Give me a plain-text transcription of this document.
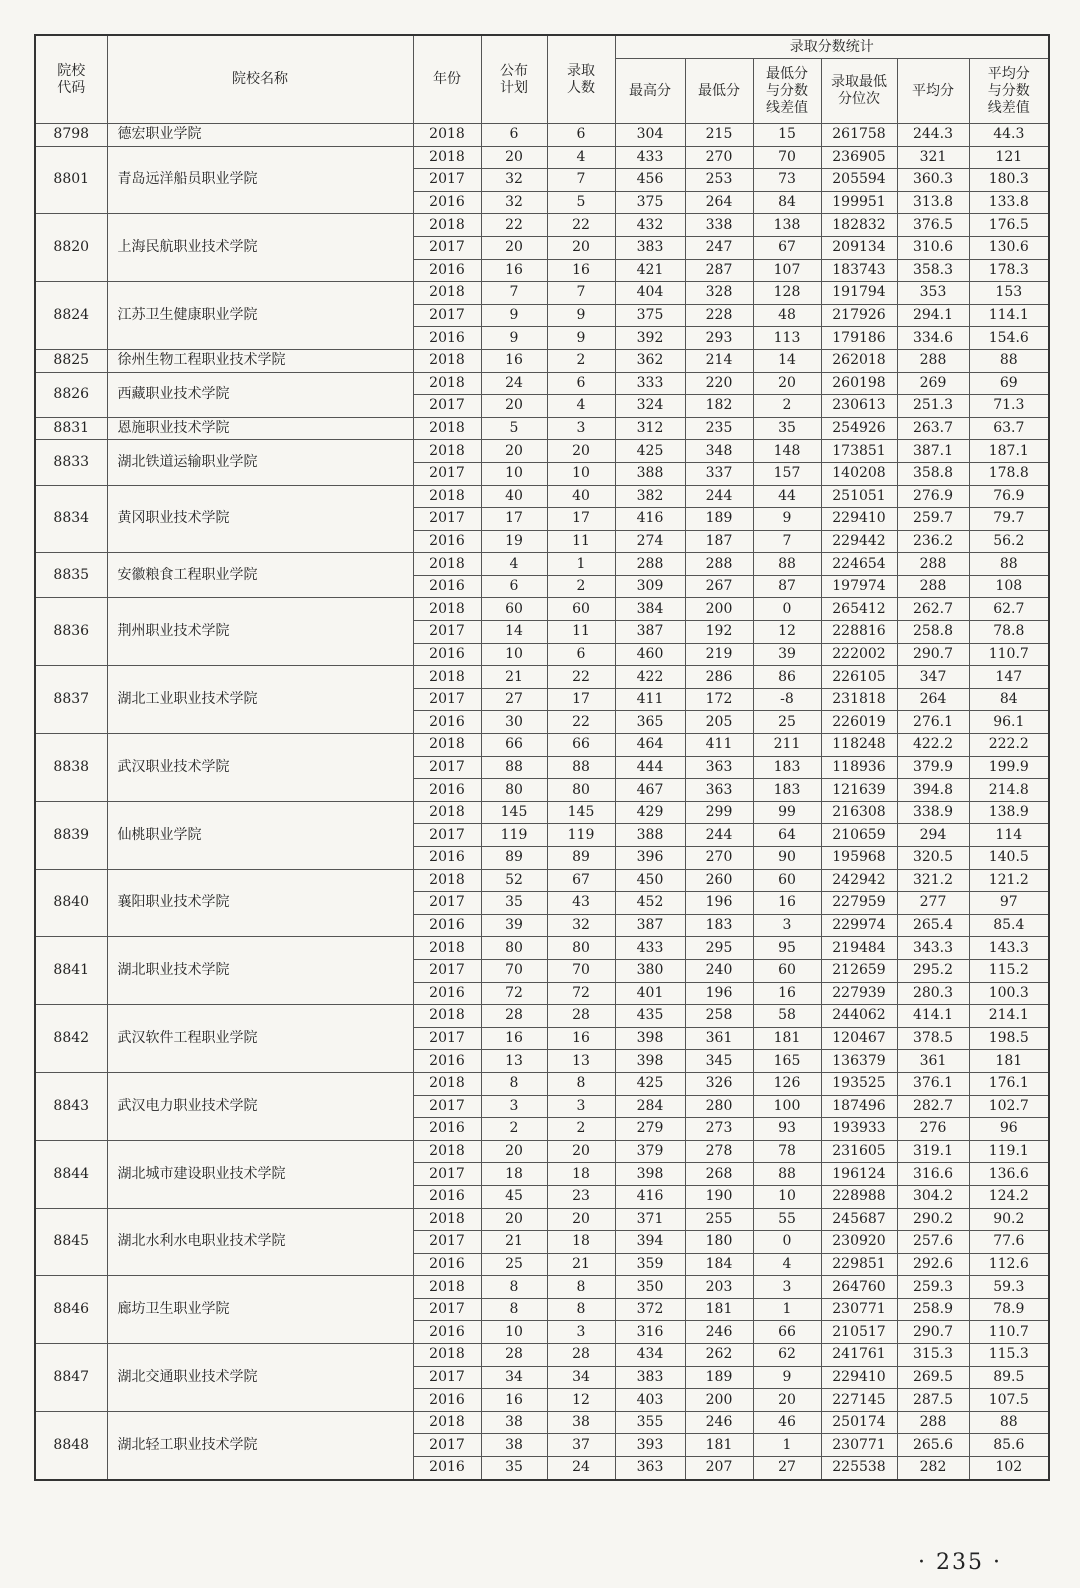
院校
代码	院校名称	年份	公布
计划	录取
人数	录取分数统计					
					最高分	最低分	最低分
与分数
线差值	录取最低
分位次	平均分	平均分
与分数
线差值
8798	德宏职业学院	2018	6	6	304	215	15	261758	244.3	44.3
8801	青岛远洋船员职业学院	2018	20	4	433	270	70	236905	321	121
		2017	32	7	456	253	73	205594	360.3	180.3
		2016	32	5	375	264	84	199951	313.8	133.8
8820	上海民航职业技术学院	2018	22	22	432	338	138	182832	376.5	176.5
		2017	20	20	383	247	67	209134	310.6	130.6
		2016	16	16	421	287	107	183743	358.3	178.3
8824	江苏卫生健康职业学院	2018	7	7	404	328	128	191794	353	153
		2017	9	9	375	228	48	217926	294.1	114.1
		2016	9	9	392	293	113	179186	334.6	154.6
8825	徐州生物工程职业技术学院	2018	16	2	362	214	14	262018	288	88
8826	西藏职业技术学院	2018	24	6	333	220	20	260198	269	69
		2017	20	4	324	182	2	230613	251.3	71.3
8831	恩施职业技术学院	2018	5	3	312	235	35	254926	263.7	63.7
8833	湖北铁道运输职业学院	2018	20	20	425	348	148	173851	387.1	187.1
		2017	10	10	388	337	157	140208	358.8	178.8
8834	黄冈职业技术学院	2018	40	40	382	244	44	251051	276.9	76.9
		2017	17	17	416	189	9	229410	259.7	79.7
		2016	19	11	274	187	7	229442	236.2	56.2
8835	安徽粮食工程职业学院	2018	4	1	288	288	88	224654	288	88
		2016	6	2	309	267	87	197974	288	108
8836	荆州职业技术学院	2018	60	60	384	200	0	265412	262.7	62.7
		2017	14	11	387	192	12	228816	258.8	78.8
		2016	10	6	460	219	39	222002	290.7	110.7
8837	湖北工业职业技术学院	2018	21	22	422	286	86	226105	347	147
		2017	27	17	411	172	-8	231818	264	84
		2016	30	22	365	205	25	226019	276.1	96.1
8838	武汉职业技术学院	2018	66	66	464	411	211	118248	422.2	222.2
		2017	88	88	444	363	183	118936	379.9	199.9
		2016	80	80	467	363	183	121639	394.8	214.8
8839	仙桃职业学院	2018	145	145	429	299	99	216308	338.9	138.9
		2017	119	119	388	244	64	210659	294	114
		2016	89	89	396	270	90	195968	320.5	140.5
8840	襄阳职业技术学院	2018	52	67	450	260	60	242942	321.2	121.2
		2017	35	43	452	196	16	227959	277	97
		2016	39	32	387	183	3	229974	265.4	85.4
8841	湖北职业技术学院	2018	80	80	433	295	95	219484	343.3	143.3
		2017	70	70	380	240	60	212659	295.2	115.2
		2016	72	72	401	196	16	227939	280.3	100.3
8842	武汉软件工程职业学院	2018	28	28	435	258	58	244062	414.1	214.1
		2017	16	16	398	361	181	120467	378.5	198.5
		2016	13	13	398	345	165	136379	361	181
8843	武汉电力职业技术学院	2018	8	8	425	326	126	193525	376.1	176.1
		2017	3	3	284	280	100	187496	282.7	102.7
		2016	2	2	279	273	93	193933	276	96
8844	湖北城市建设职业技术学院	2018	20	20	379	278	78	231605	319.1	119.1
		2017	18	18	398	268	88	196124	316.6	136.6
		2016	45	23	416	190	10	228988	304.2	124.2
8845	湖北水利水电职业技术学院	2018	20	20	371	255	55	245687	290.2	90.2
		2017	21	18	394	180	0	230920	257.6	77.6
		2016	25	21	359	184	4	229851	292.6	112.6
8846	廊坊卫生职业学院	2018	8	8	350	203	3	264760	259.3	59.3
		2017	8	8	372	181	1	230771	258.9	78.9
		2016	10	3	316	246	66	210517	290.7	110.7
8847	湖北交通职业技术学院	2018	28	28	434	262	62	241761	315.3	115.3
		2017	34	34	383	189	9	229410	269.5	89.5
		2016	16	12	403	200	20	227145	287.5	107.5
8848	湖北轻工职业技术学院	2018	38	38	355	246	46	250174	288	88
		2017	38	37	393	181	1	230771	265.6	85.6
		2016	35	24	363	207	27	225538	282	102
· 235 ·
